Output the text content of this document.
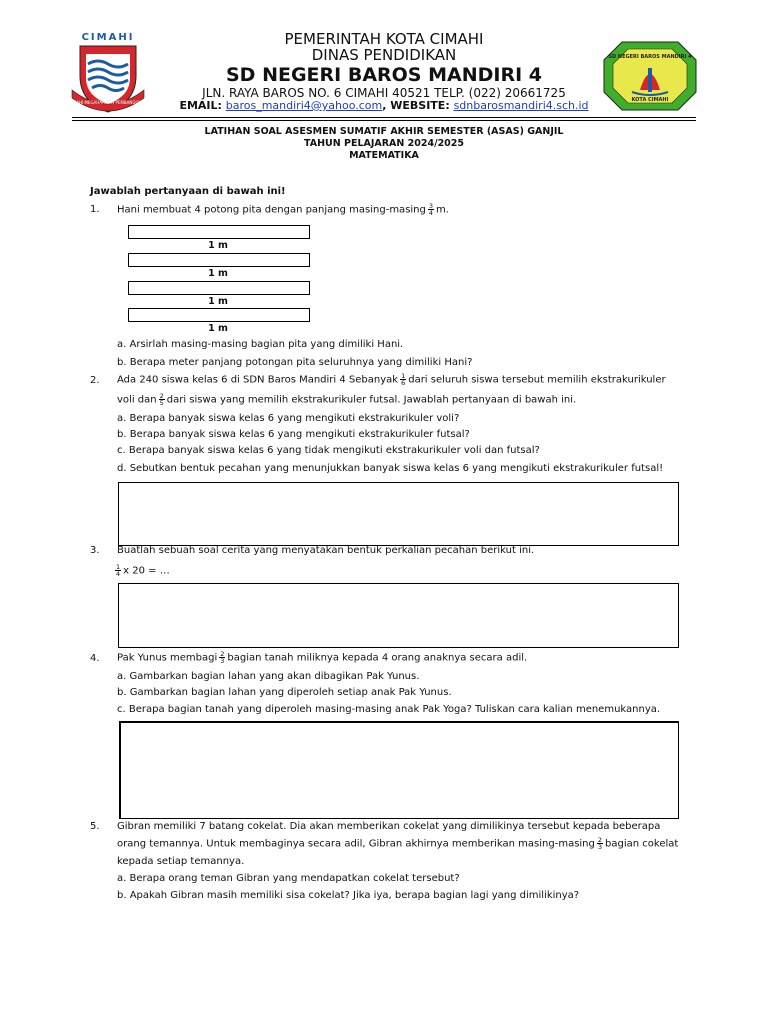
CIMAHI
CIMAHI MEGAHARIKAN PEMBANGUNAN
SD NEGERI BAROS MANDIRI 4
KOTA CIMAHI
PEMERINTAH KOTA CIMAHI
DINAS PENDIDIKAN
SD NEGERI BAROS MANDIRI 4
JLN. RAYA BAROS NO. 6 CIMAHI 40521 TELP. (022) 20661725
EMAIL: baros_mandiri4@yahoo.com, WEBSITE: sdnbarosmandiri4.sch.id
LATIHAN SOAL ASESMEN SUMATIF AKHIR SEMESTER (ASAS) GANJIL
TAHUN PELAJARAN 2024/2025
MATEMATIKA
Jawablah pertanyaan di bawah ini!
1. Hani membuat 4 potong pita dengan panjang $masing-masing \frac{3}{4} m$.
1 m
1 m
1 m
1 m
a. Arsirlah masing-masing bagian pita yang dimiliki Hani.
b. Berapa meter panjang potongan pita seluruhnya yang dimiliki Hani?
2. Ada 240 siswa kelas 6 di SDN Baros Mandiri 4 Sebanyak $\frac{1}{6}$ dari seluruh siswa tersebut memilih ekstrakurikuler
voli dan $\frac{2}{5}$ dari siswa yang memilih ekstrakurikuler futsal. Jawablah pertanyaan di bawah ini.
a. Berapa banyak siswa kelas 6 yang mengikuti ekstrakurikuler voli?
b. Berapa banyak siswa kelas 6 yang mengikuti ekstrakurikuler futsal?
c. Berapa banyak siswa kelas 6 yang tidak mengikuti ekstrakurikuler voli dan futsal?
d. Sebutkan bentuk pecahan yang menunjukkan banyak siswa kelas 6 yang mengikuti ekstrakurikuler futsal!
3. Buatlah sebuah soal cerita yang menyatakan bentuk perkalian pecahan berikut ini.
$\frac{1}{4}$ x 20 = …
4. Pak Yunus membagi $\frac{2}{3}$ bagian tanah miliknya kepada 4 orang anaknya secara adil.
a. Gambarkan bagian lahan yang akan dibagikan Pak Yunus.
b. Gambarkan bagian lahan yang diperoleh setiap anak Pak Yunus.
c. Berapa bagian tanah yang diperoleh masing-masing anak Pak Yoga? Tuliskan cara kalian menemukannya.
5. Gibran memiliki 7 batang cokelat. Dia akan memberikan cokelat yang dimilikinya tersebut kepada beberapa
orang temannya. Untuk membaginya secara adil, Gibran akhirnya memberikan $masing-masing \frac{2}{3}$ bagian cokelat
kepada setiap temannya.
a. Berapa orang teman Gibran yang mendapatkan cokelat tersebut?
b. Apakah Gibran masih memiliki sisa cokelat? Jika iya, berapa bagian lagi yang dimilikinya?
